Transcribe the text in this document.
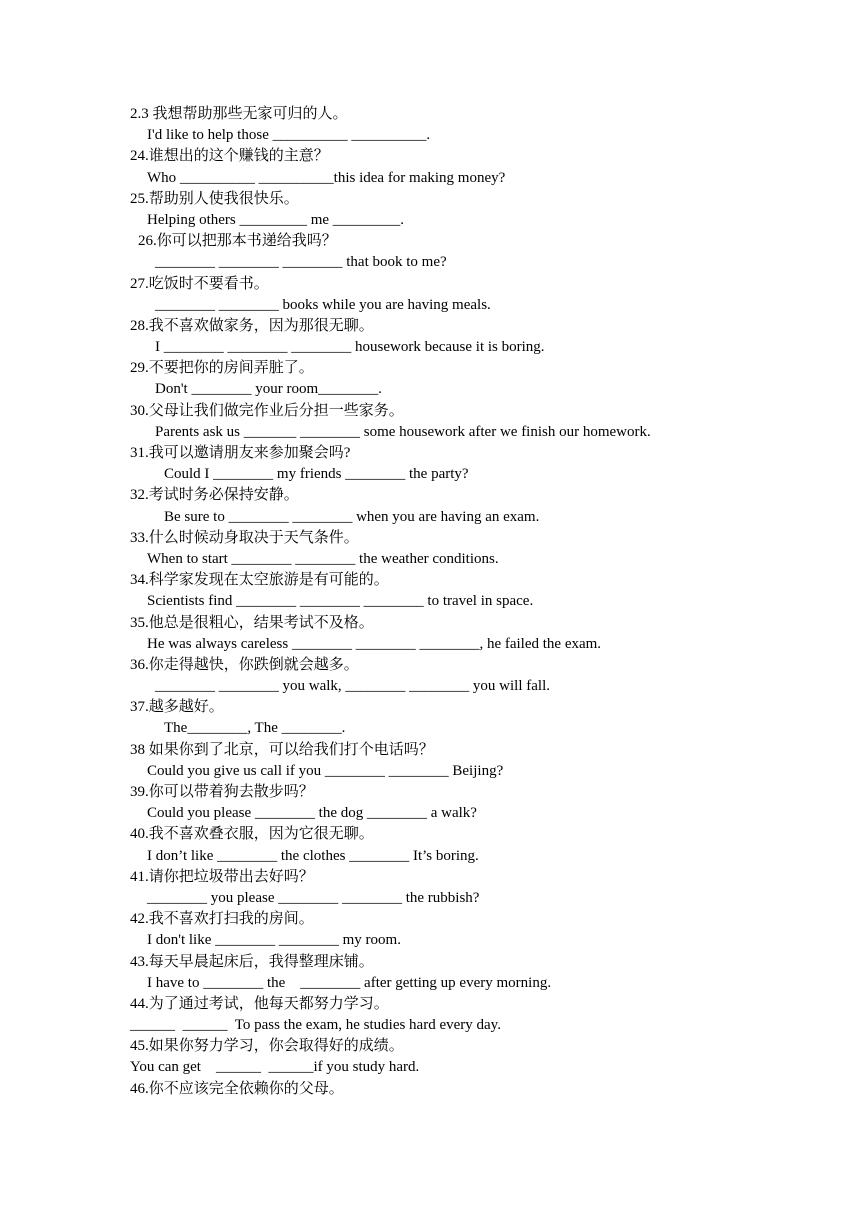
2.3 我想帮助那些无家可归的人。
I'd like to help those __________ __________.
24.谁想出的这个赚钱的主意？
Who __________ __________this idea for making money?
25.帮助别人使我很快乐。
Helping others _________ me _________.
26.你可以把那本书递给我吗？
________ ________ ________ that book to me?
27.吃饭时不要看书。
________ ________ books while you are having meals.
28.我不喜欢做家务，因为那很无聊。
I ________ ________ ________ housework because it is boring.
29.不要把你的房间弄脏了。
Don't ________ your room________.
30.父母让我们做完作业后分担一些家务。
Parents ask us _______ ________ some housework after we finish our homework.
31.我可以邀请朋友来参加聚会吗?
Could I ________ my friends ________ the party?
32.考试时务必保持安静。
Be sure to ________ ________ when you are having an exam.
33.什么时候动身取决于天气条件。
When to start ________ ________ the weather conditions.
34.科学家发现在太空旅游是有可能的。
Scientists find ________ ________ ________ to travel in space.
35.他总是很粗心，结果考试不及格。
He was always careless ________ ________ ________, he failed the exam.
36.你走得越快，你跌倒就会越多。
________ ________ you walk, ________ ________ you will fall.
37.越多越好。
The________, The ________.
38 如果你到了北京，可以给我们打个电话吗？
Could you give us call if you ________ ________ Beijing?
39.你可以带着狗去散步吗？
Could you please ________ the dog ________ a walk?
40.我不喜欢叠衣服，因为它很无聊。
I don’t like ________ the clothes ________ It’s boring.
41.请你把垃圾带出去好吗？
________ you please ________ ________ the rubbish?
42.我不喜欢打扫我的房间。
I don't like ________ ________ my room.
43.每天早晨起床后，我得整理床铺。
I have to ________ the    ________ after getting up every morning.
44.为了通过考试，他每天都努力学习。
______  ______  To pass the exam, he studies hard every day.
45.如果你努力学习，你会取得好的成绩。
You can get    ______  ______if you study hard.
46.你不应该完全依赖你的父母。
